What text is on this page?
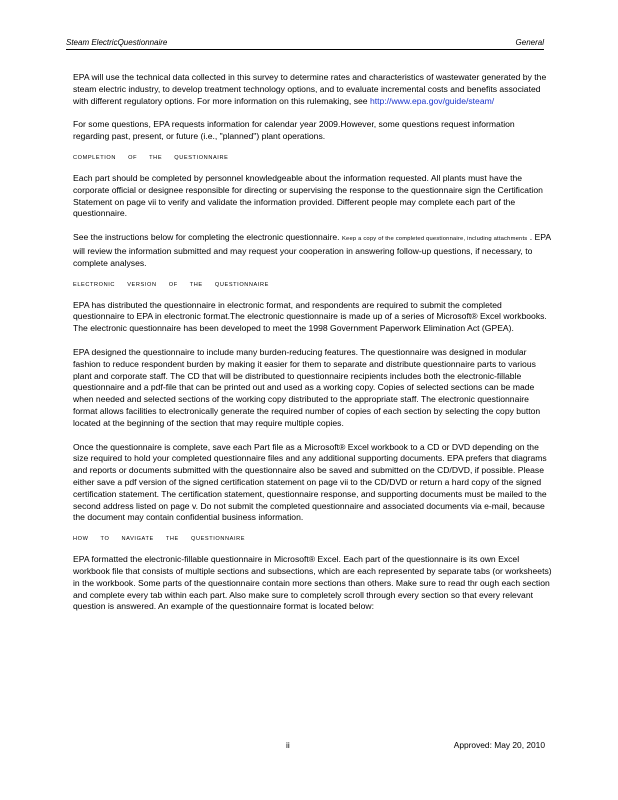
Steam ElectricQuestionnaire	General

EPA will use the technical data collected in this survey to determine rates and characteristics of wastewater generated by the steam electric industry, to develop treatment technology options, and to evaluate incremental costs and benefits associated with different regulatory options. For more information on this rulemaking, see http://www.epa.gov/guide/steam/

For some questions, EPA requests information for calendar year 2009.However, some questions request information regarding past, present, or future (i.e., "planned") plant operations.

COMPLETION OF THE QUESTIONNAIRE

Each part should be completed by personnel knowledgeable about the information requested. All plants must have the corporate official or designee responsible for directing or supervising the response to the questionnaire sign the Certification Statement on page vii to verify and validate the information provided. Different people may complete each part of the questionnaire.

See the instructions below for completing the electronic questionnaire. Keep a copy of the completed questionnaire, including attachments . EPA will review the information submitted and may request your cooperation in answering follow-up questions, if necessary, to complete analyses.

ELECTRONIC VERSION OF THE QUESTIONNAIRE

EPA has distributed the questionnaire in electronic format, and respondents are required to submit the completed questionnaire to EPA in electronic format.The electronic questionnaire is made up of a series of Microsoft® Excel workbooks. The electronic questionnaire has been developed to meet the 1998 Government Paperwork Elimination Act (GPEA).

EPA designed the questionnaire to include many burden-reducing features. The questionnaire was designed in modular fashion to reduce respondent burden by making it easier for them to separate and distribute questionnaire parts to various plant and corporate staff. The CD that will be distributed to questionnaire recipients includes both the electronic-fillable questionnaire and a pdf-file that can be printed out and used as a working copy. Copies of selected sections can be made when needed and selected sections of the working copy distributed to the appropriate staff. The electronic questionnaire format allows facilities to electronically generate the required number of copies of each section by selecting the copy button located at the beginning of the section that may require multiple copies.

Once the questionnaire is complete, save each Part file as a Microsoft® Excel workbook to a CD or DVD depending on the size required to hold your completed questionnaire files and any additional supporting documents. EPA prefers that diagrams and reports or documents submitted with the questionnaire also be saved and submitted on the CD/DVD, if possible. Please either save a pdf version of the signed certification statement on page vii to the CD/DVD or return a hard copy of the signed certification statement. The certification statement, questionnaire response, and supporting documents must be mailed to the second address listed on page v. Do not submit the completed questionnaire and associated documents via e-mail, because the document may contain confidential business information.

HOW TO NAVIGATE THE QUESTIONNAIRE

EPA formatted the electronic-fillable questionnaire in Microsoft® Excel. Each part of the questionnaire is its own Excel workbook file that consists of multiple sections and subsections, which are each represented by separate tabs (or worksheets) in the workbook. Some parts of the questionnaire contain more sections than others. Make sure to read thr ough each section and complete every tab within each part. Also make sure to completely scroll through every section so that every relevant question is answered. An example of the questionnaire format is located below:

ii	Approved: May 20, 2010
